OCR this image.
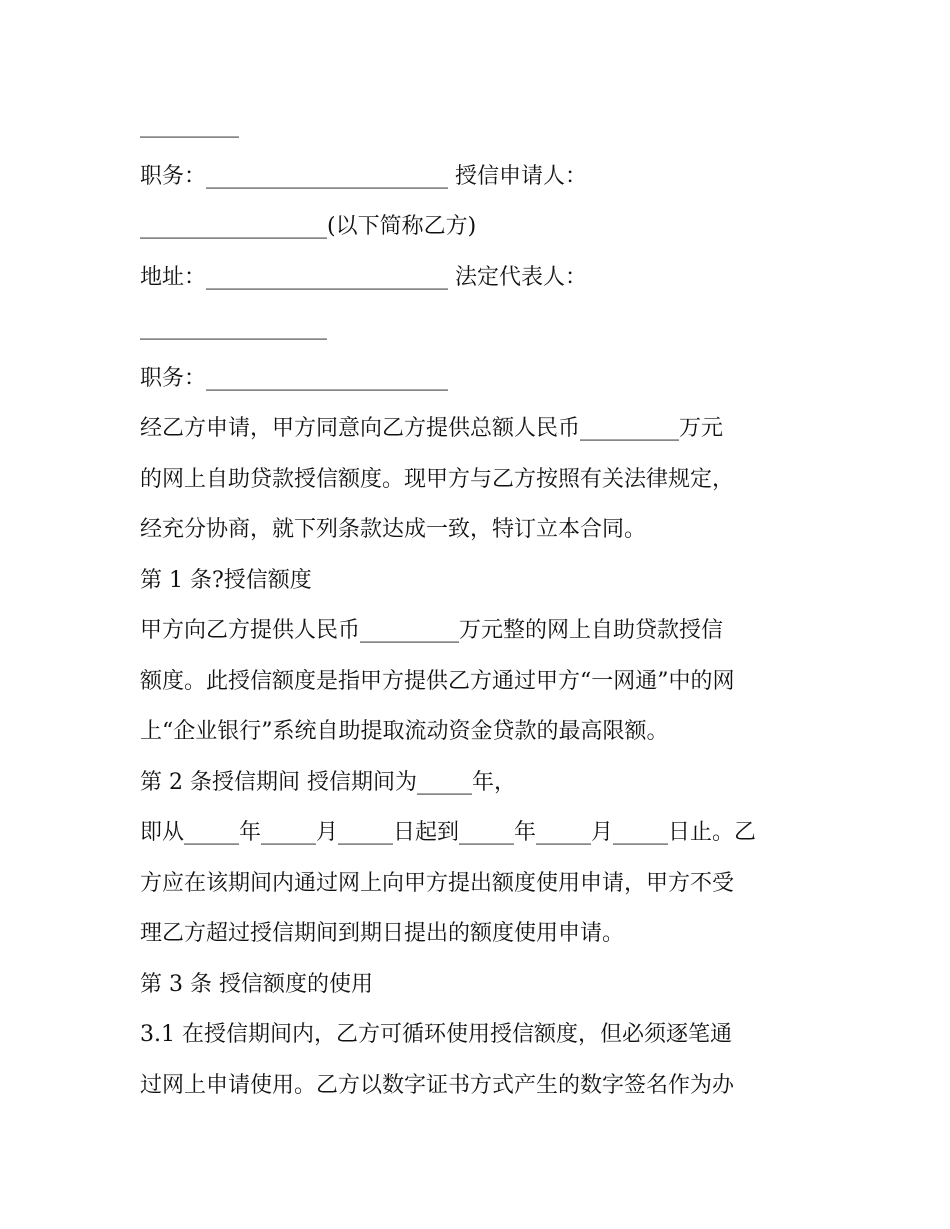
_________
职务：______________________ 授信申请人：
_________________(以下简称乙方)
地址：______________________ 法定代表人：
_________________
职务：______________________
经乙方申请，甲方同意向乙方提供总额人民币_________万元
的网上自助贷款授信额度。现甲方与乙方按照有关法律规定，
经充分协商，就下列条款达成一致，特订立本合同。
第 1 条?授信额度
甲方向乙方提供人民币_________万元整的网上自助贷款授信
额度。此授信额度是指甲方提供乙方通过甲方“一网通”中的网
上“企业银行”系统自助提取流动资金贷款的最高限额。
第 2 条授信期间 授信期间为_____年，
即从_____年_____月_____日起到_____年_____月_____日止。乙
方应在该期间内通过网上向甲方提出额度使用申请，甲方不受
理乙方超过授信期间到期日提出的额度使用申请。
第 3 条 授信额度的使用
3.1 在授信期间内，乙方可循环使用授信额度，但必须逐笔通
过网上申请使用。乙方以数字证书方式产生的数字签名作为办
